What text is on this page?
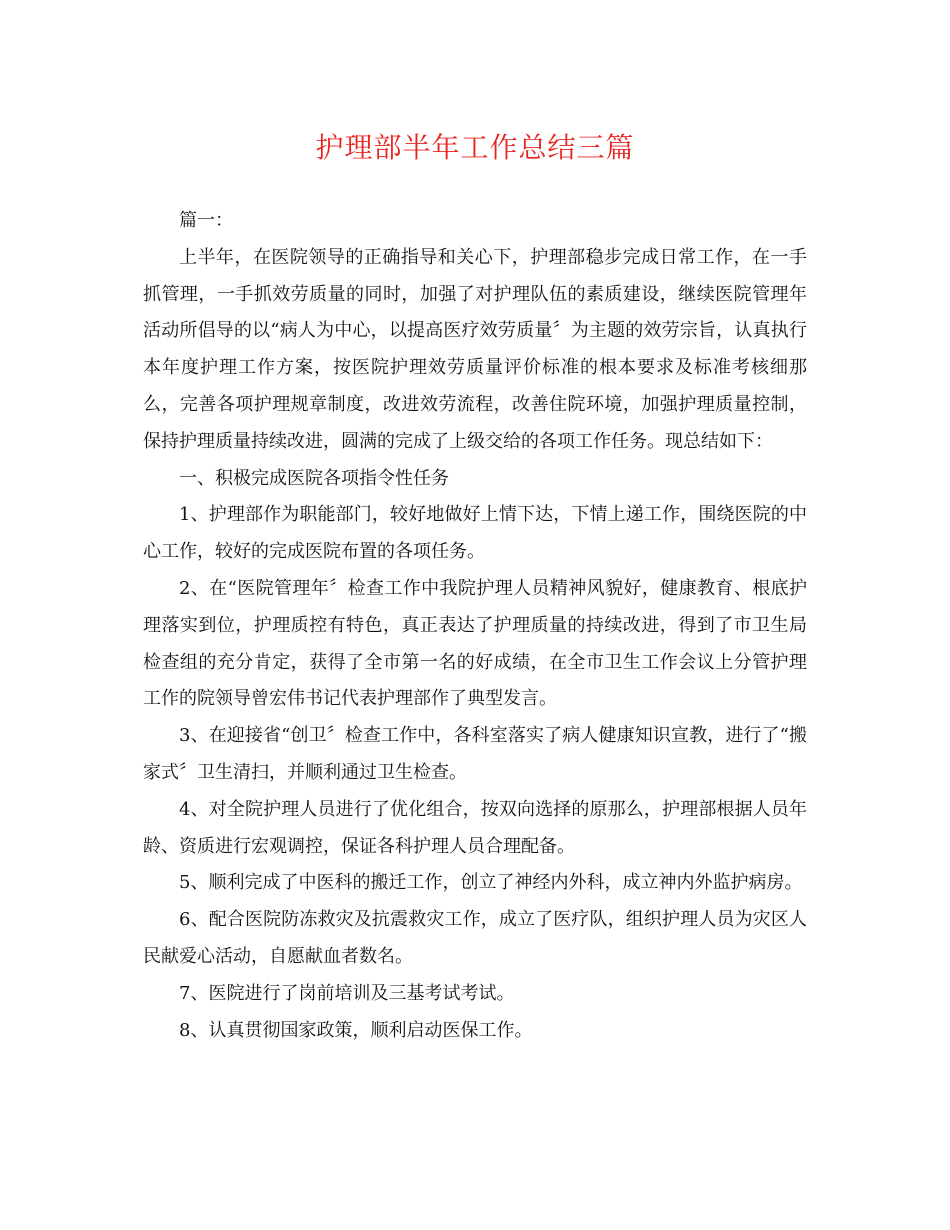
护理部半年工作总结三篇

篇一：

上半年，在医院领导的正确指导和关心下，护理部稳步完成日常工作，在一手抓管理，一手抓效劳质量的同时，加强了对护理队伍的素质建设，继续医院管理年活动所倡导的以“病人为中心，以提高医疗效劳质量〞为主题的效劳宗旨，认真执行本年度护理工作方案，按医院护理效劳质量评价标准的根本要求及标准考核细那么，完善各项护理规章制度，改进效劳流程，改善住院环境，加强护理质量控制，保持护理质量持续改进，圆满的完成了上级交给的各项工作任务。现总结如下：

一、积极完成医院各项指令性任务

1、护理部作为职能部门，较好地做好上情下达，下情上递工作，围绕医院的中心工作，较好的完成医院布置的各项任务。

2、在“医院管理年〞检查工作中我院护理人员精神风貌好，健康教育、根底护理落实到位，护理质控有特色，真正表达了护理质量的持续改进，得到了市卫生局检查组的充分肯定，获得了全市第一名的好成绩，在全市卫生工作会议上分管护理工作的院领导曾宏伟书记代表护理部作了典型发言。

3、在迎接省“创卫〞检查工作中，各科室落实了病人健康知识宣教，进行了“搬家式〞卫生清扫，并顺利通过卫生检查。

4、对全院护理人员进行了优化组合，按双向选择的原那么，护理部根据人员年龄、资质进行宏观调控，保证各科护理人员合理配备。

5、顺利完成了中医科的搬迁工作，创立了神经内外科，成立神内外监护病房。

6、配合医院防冻救灾及抗震救灾工作，成立了医疗队，组织护理人员为灾区人民献爱心活动，自愿献血者数名。

7、医院进行了岗前培训及三基考试考试。

8、认真贯彻国家政策，顺利启动医保工作。
